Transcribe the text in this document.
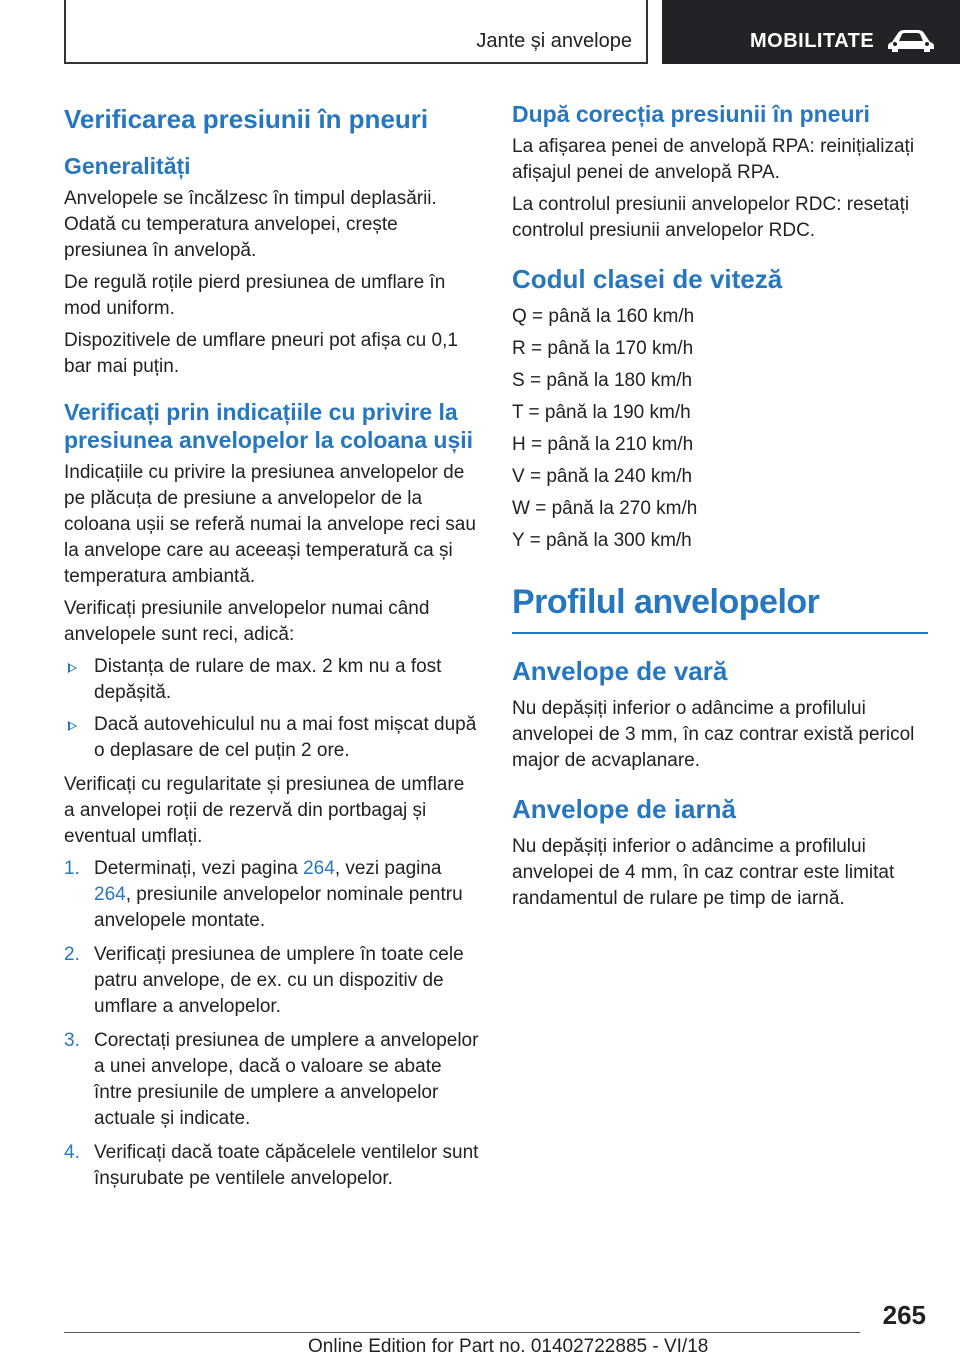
Jante și anvelope	MOBILITATE
Verificarea presiunii în pneuri
Generalități

Anvelopele se încălzesc în timpul deplasării. Odată cu temperatura anvelopei, crește presiunea în anvelopă.

De regulă roțile pierd presiunea de umflare în mod uniform.

Dispozitivele de umflare pneuri pot afișa cu 0,1 bar mai puțin.

Verificați prin indicațiile cu privire la presiunea anvelopelor la coloana ușii

Indicațiile cu privire la presiunea anvelopelor de pe plăcuța de presiune a anvelopelor de la coloana ușii se referă numai la anvelope reci sau la anvelope care au aceeași temperatură ca și temperatura ambiantă.

Verificați presiunile anvelopelor numai când anvelopele sunt reci, adică:

Distanța de rulare de max. 2 km nu a fost depășită.
Dacă autovehiculul nu a mai fost mișcat după o deplasare de cel puțin 2 ore.

Verificați cu regularitate și presiunea de umflare a anvelopei roții de rezervă din portbagaj și eventual umflați.

1. Determinați, vezi pagina 264, vezi pagina 264, presiunile anvelopelor nominale pentru anvelopele montate.
2. Verificați presiunea de umplere în toate cele patru anvelope, de ex. cu un dispozitiv de umflare a anvelopelor.
3. Corectați presiunea de umplere a anvelopelor a unei anvelope, dacă o valoare se abate între presiunile de umplere a anvelopelor actuale și indicate.
4. Verificați dacă toate căpăcelele ventilelor sunt înșurubate pe ventilele anvelopelor.
După corecția presiunii în pneuri

La afișarea penei de anvelopă RPA: reinițializați afișajul penei de anvelopă RPA.

La controlul presiunii anvelopelor RDC: resetați controlul presiunii anvelopelor RDC.

Codul clasei de viteză

Q = până la 160 km/h

R = până la 170 km/h

S = până la 180 km/h

T = până la 190 km/h

H = până la 210 km/h

V = până la 240 km/h

W = până la 270 km/h

Y = până la 300 km/h

Profilul anvelopelor
Anvelope de vară

Nu depășiți inferior o adâncime a profilului anvelopei de 3 mm, în caz contrar există pericol major de acvaplanare.

Anvelope de iarnă

Nu depășiți inferior o adâncime a profilului anvelopei de 4 mm, în caz contrar este limitat randamentul de rulare pe timp de iarnă.

265
Online Edition for Part no. 01402722885 - VI/18
